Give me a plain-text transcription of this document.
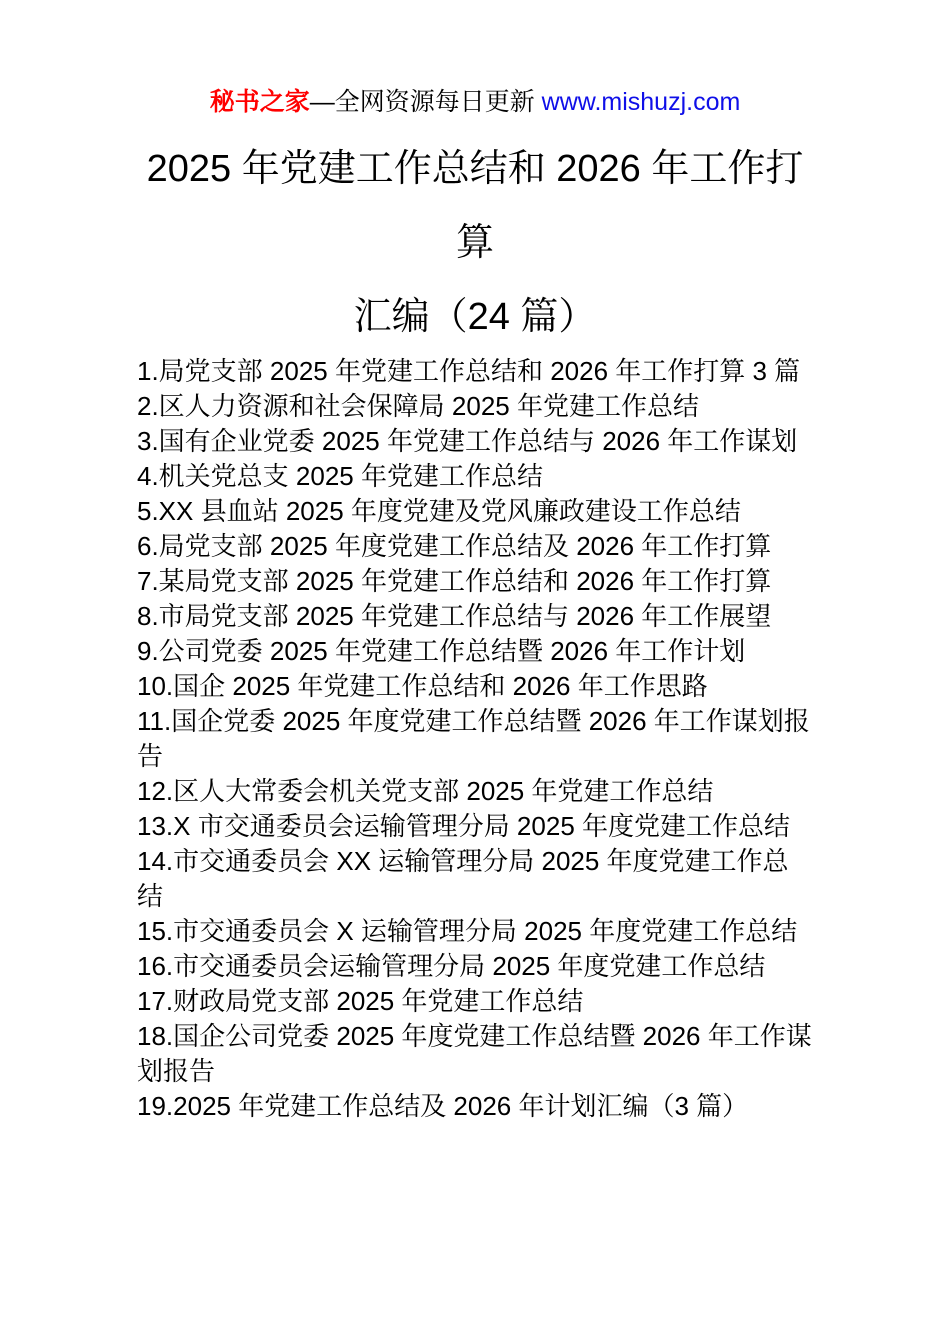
秘书之家—全网资源每日更新 www.mishuzj.com
2025 年党建工作总结和 2026 年工作打算
汇编（24 篇）
1.局党支部 2025 年党建工作总结和 2026 年工作打算 3 篇
2.区人力资源和社会保障局 2025 年党建工作总结
3.国有企业党委 2025 年党建工作总结与 2026 年工作谋划
4.机关党总支 2025 年党建工作总结
5.XX 县血站 2025 年度党建及党风廉政建设工作总结
6.局党支部 2025 年度党建工作总结及 2026 年工作打算
7.某局党支部 2025 年党建工作总结和 2026 年工作打算
8.市局党支部 2025 年党建工作总结与 2026 年工作展望
9.公司党委 2025 年党建工作总结暨 2026 年工作计划
10.国企 2025 年党建工作总结和 2026 年工作思路
11.国企党委 2025 年度党建工作总结暨 2026 年工作谋划报告
12.区人大常委会机关党支部 2025 年党建工作总结
13.X 市交通委员会运输管理分局 2025 年度党建工作总结
14.市交通委员会 XX 运输管理分局 2025 年度党建工作总结
15.市交通委员会 X 运输管理分局 2025 年度党建工作总结
16.市交通委员会运输管理分局 2025 年度党建工作总结
17.财政局党支部 2025 年党建工作总结
18.国企公司党委 2025 年度党建工作总结暨 2026 年工作谋划报告
19.2025 年党建工作总结及 2026 年计划汇编（3 篇）
